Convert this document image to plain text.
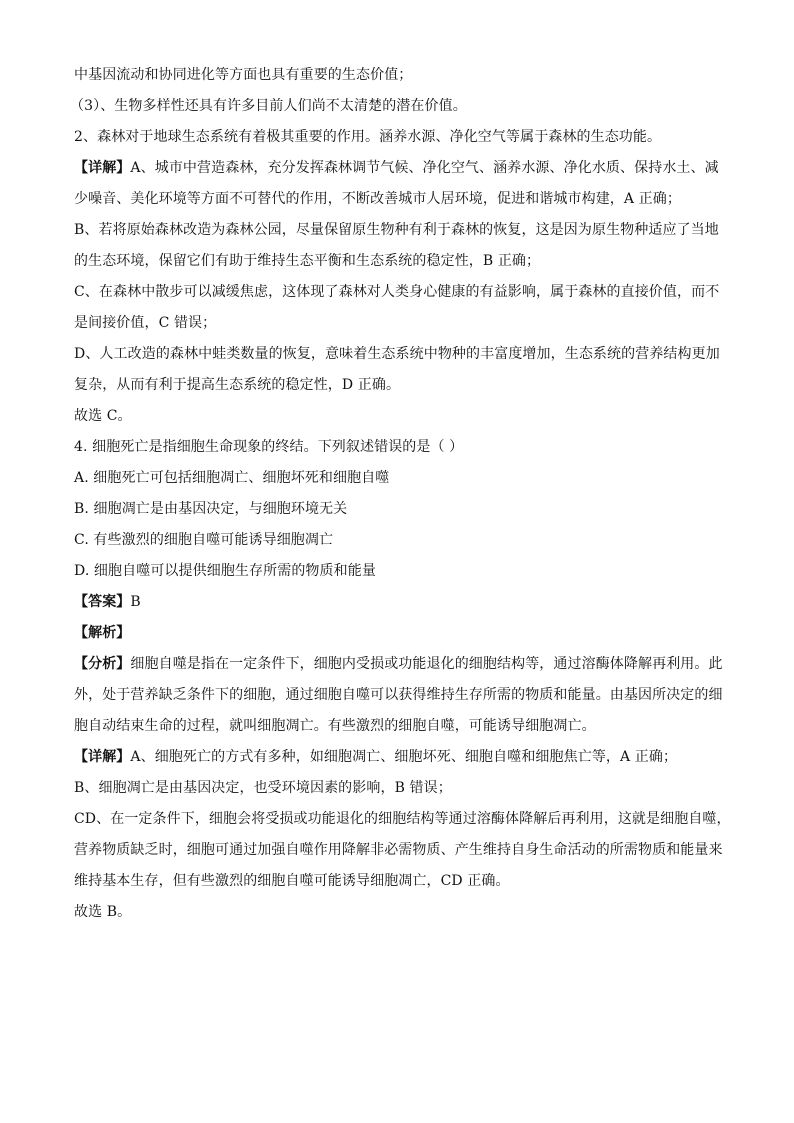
中基因流动和协同进化等方面也具有重要的生态价值；
（3）、生物多样性还具有许多目前人们尚不太清楚的潜在价值。
2、森林对于地球生态系统有着极其重要的作用。涵养水源、净化空气等属于森林的生态功能。
【详解】A、城市中营造森林，充分发挥森林调节气候、净化空气、涵养水源、净化水质、保持水土、减
少噪音、美化环境等方面不可替代的作用，不断改善城市人居环境，促进和谐城市构建，A 正确；
B、若将原始森林改造为森林公园，尽量保留原生物种有利于森林的恢复，这是因为原生物种适应了当地
的生态环境，保留它们有助于维持生态平衡和生态系统的稳定性，B 正确；
C、在森林中散步可以减缓焦虑，这体现了森林对人类身心健康的有益影响，属于森林的直接价值，而不
是间接价值，C 错误；
D、人工改造的森林中蛙类数量的恢复，意味着生态系统中物种的丰富度增加，生态系统的营养结构更加
复杂，从而有利于提高生态系统的稳定性，D 正确。
故选 C。
4. 细胞死亡是指细胞生命现象的终结。下列叙述错误的是（ ）
A. 细胞死亡可包括细胞凋亡、细胞坏死和细胞自噬
B. 细胞凋亡是由基因决定，与细胞环境无关
C. 有些激烈的细胞自噬可能诱导细胞凋亡
D. 细胞自噬可以提供细胞生存所需的物质和能量
【答案】B
【解析】
【分析】细胞自噬是指在一定条件下，细胞内受损或功能退化的细胞结构等，通过溶酶体降解再利用。此
外，处于营养缺乏条件下的细胞，通过细胞自噬可以获得维持生存所需的物质和能量。由基因所决定的细
胞自动结束生命的过程，就叫细胞凋亡。有些激烈的细胞自噬，可能诱导细胞凋亡。
【详解】A、细胞死亡的方式有多种，如细胞凋亡、细胞坏死、细胞自噬和细胞焦亡等，A 正确；
B、细胞凋亡是由基因决定，也受环境因素的影响，B 错误；
CD、在一定条件下，细胞会将受损或功能退化的细胞结构等通过溶酶体降解后再利用，这就是细胞自噬，
营养物质缺乏时，细胞可通过加强自噬作用降解非必需物质、产生维持自身生命活动的所需物质和能量来
维持基本生存，但有些激烈的细胞自噬可能诱导细胞凋亡，CD 正确。
故选 B。
